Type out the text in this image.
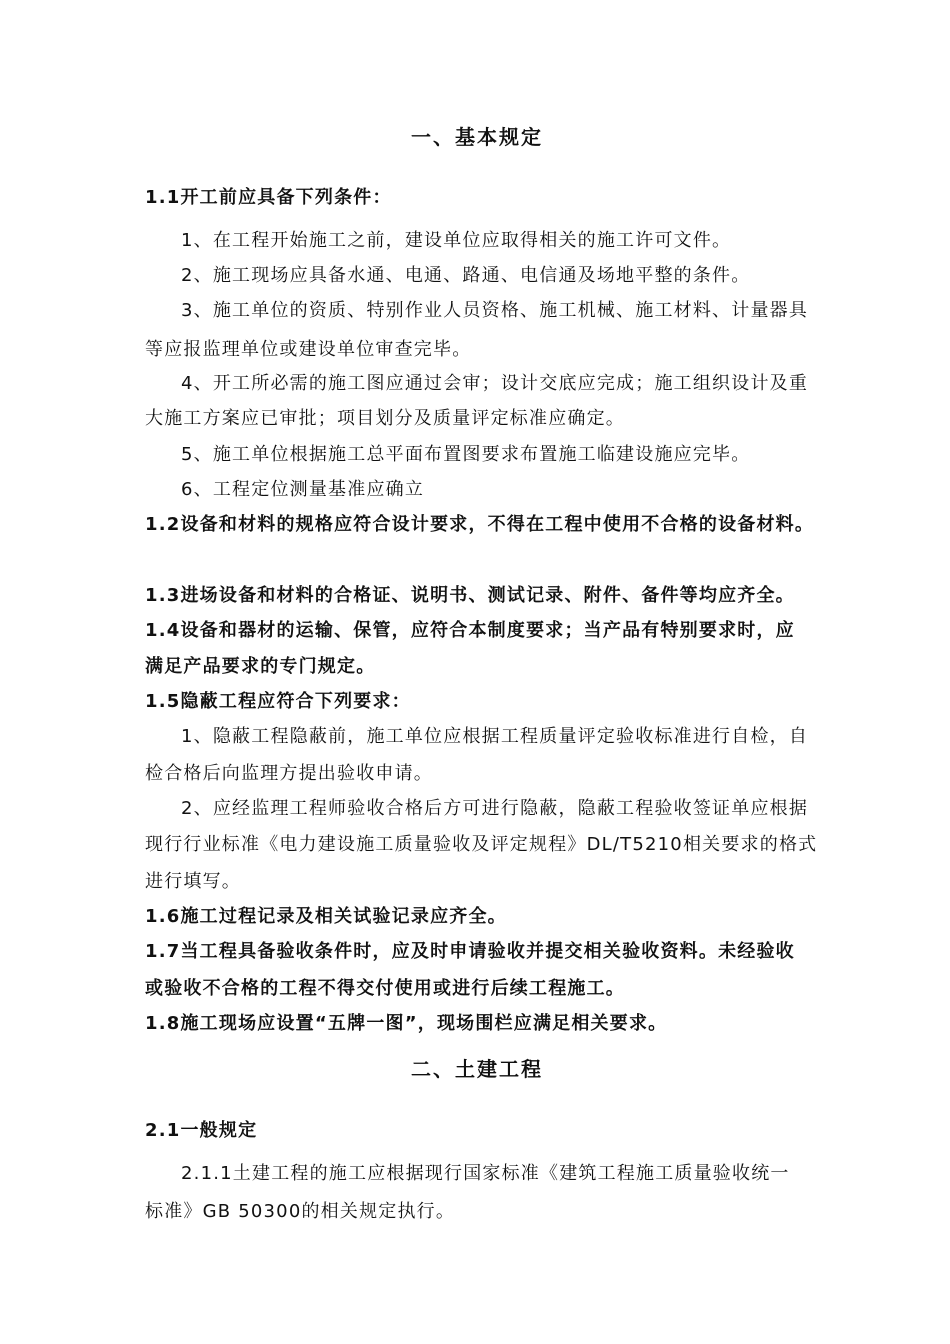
一、基本规定
1.1开工前应具备下列条件：
1、在工程开始施工之前，建设单位应取得相关的施工许可文件。
2、施工现场应具备水通、电通、路通、电信通及场地平整的条件。
3、施工单位的资质、特别作业人员资格、施工机械、施工材料、计量器具
等应报监理单位或建设单位审查完毕。
4、开工所必需的施工图应通过会审；设计交底应完成；施工组织设计及重
大施工方案应已审批；项目划分及质量评定标准应确定。
5、施工单位根据施工总平面布置图要求布置施工临建设施应完毕。
6、工程定位测量基准应确立
1.2设备和材料的规格应符合设计要求，不得在工程中使用不合格的设备材料。
1.3进场设备和材料的合格证、说明书、测试记录、附件、备件等均应齐全。
1.4设备和器材的运输、保管，应符合本制度要求；当产品有特别要求时，应
满足产品要求的专门规定。
1.5隐蔽工程应符合下列要求：
1、隐蔽工程隐蔽前，施工单位应根据工程质量评定验收标准进行自检，自
检合格后向监理方提出验收申请。
2、应经监理工程师验收合格后方可进行隐蔽，隐蔽工程验收签证单应根据
现行行业标准《电力建设施工质量验收及评定规程》DL/T5210相关要求的格式
进行填写。
1.6施工过程记录及相关试验记录应齐全。
1.7当工程具备验收条件时，应及时申请验收并提交相关验收资料。未经验收
或验收不合格的工程不得交付使用或进行后续工程施工。
1.8施工现场应设置“五牌一图”，现场围栏应满足相关要求。
二、土建工程
2.1一般规定
2.1.1土建工程的施工应根据现行国家标准《建筑工程施工质量验收统一
标准》GB 50300的相关规定执行。
